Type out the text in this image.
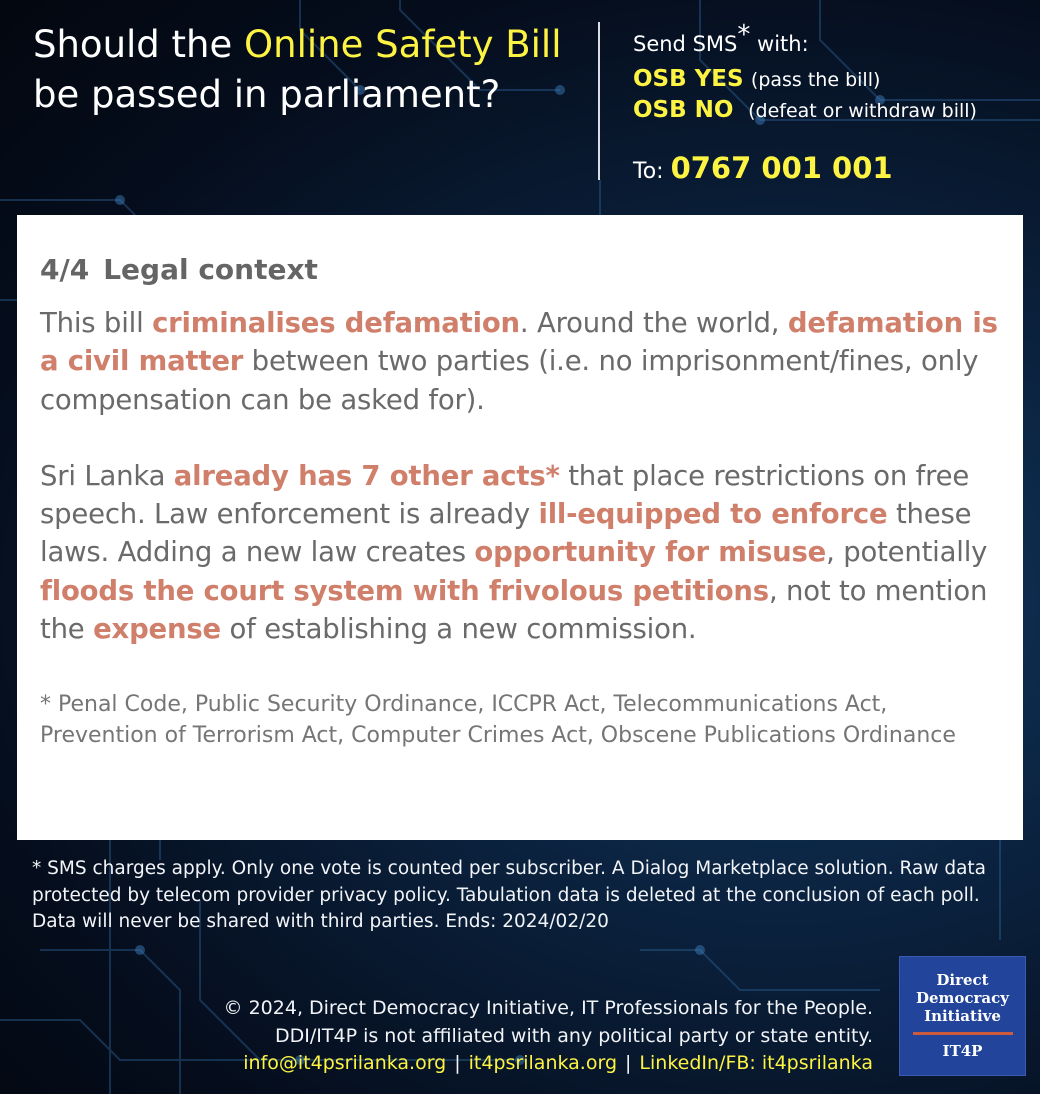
Should the Online Safety Bill be passed in parliament?
Send SMS* with:
OSB YES (pass the bill)
OSB NO (defeat or withdraw bill)
To: 0767 001 001
4/4 Legal context

This bill criminalises defamation. Around the world, defamation is a civil matter between two parties (i.e. no imprisonment/fines, only compensation can be asked for).

Sri Lanka already has 7 other acts* that place restrictions on free speech. Law enforcement is already ill-equipped to enforce these laws. Adding a new law creates opportunity for misuse, potentially floods the court system with frivolous petitions, not to mention the expense of establishing a new commission.

* Penal Code, Public Security Ordinance, ICCPR Act, Telecommunications Act, Prevention of Terrorism Act, Computer Crimes Act, Obscene Publications Ordinance
* SMS charges apply. Only one vote is counted per subscriber. A Dialog Marketplace solution. Raw data protected by telecom provider privacy policy. Tabulation data is deleted at the conclusion of each poll. Data will never be shared with third parties. Ends: 2024/02/20
© 2024, Direct Democracy Initiative, IT Professionals for the People.
DDI/IT4P is not affiliated with any political party or state entity.
info@it4psrilanka.org | it4psrilanka.org | LinkedIn/FB: it4psrilanka
Direct
Democracy
Initiative
IT4P
